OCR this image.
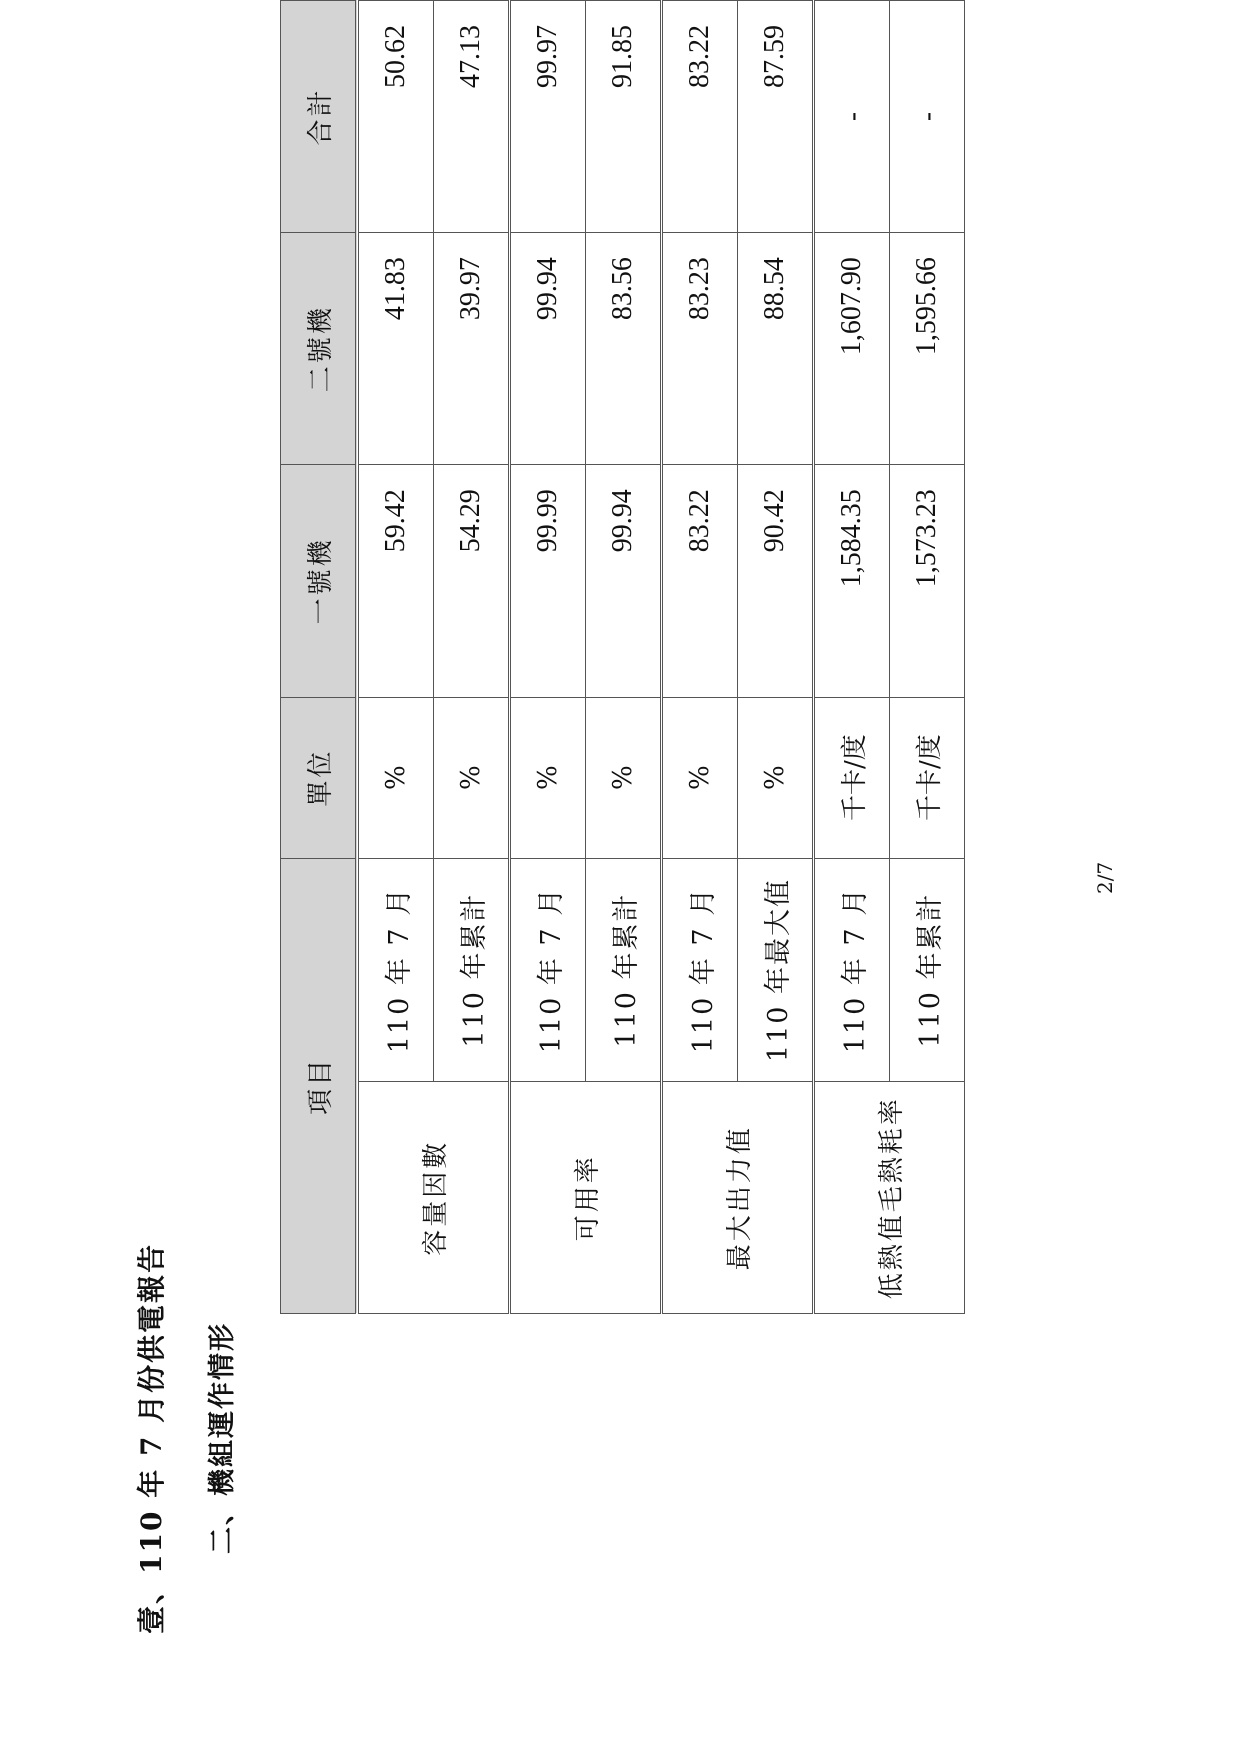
壹、110 年 7 月份供電報告 二、機組運作情形
項目		單位	一號機	二號機	合計
容量因數	110 年 7 月	%	59.42	41.83	50.62
	110 年累計	%	54.29	39.97	47.13
可用率	110 年 7 月	%	99.99	99.94	99.97
	110 年累計	%	99.94	83.56	91.85
最大出力值	110 年 7 月	%	83.22	83.23	83.22
	110 年最大值	%	90.42	88.54	87.59
低熱值毛熱耗率	110 年 7 月	千卡/度	1,584.35	1,607.90	-
	110 年累計	千卡/度	1,573.23	1,595.66	-
2/7
